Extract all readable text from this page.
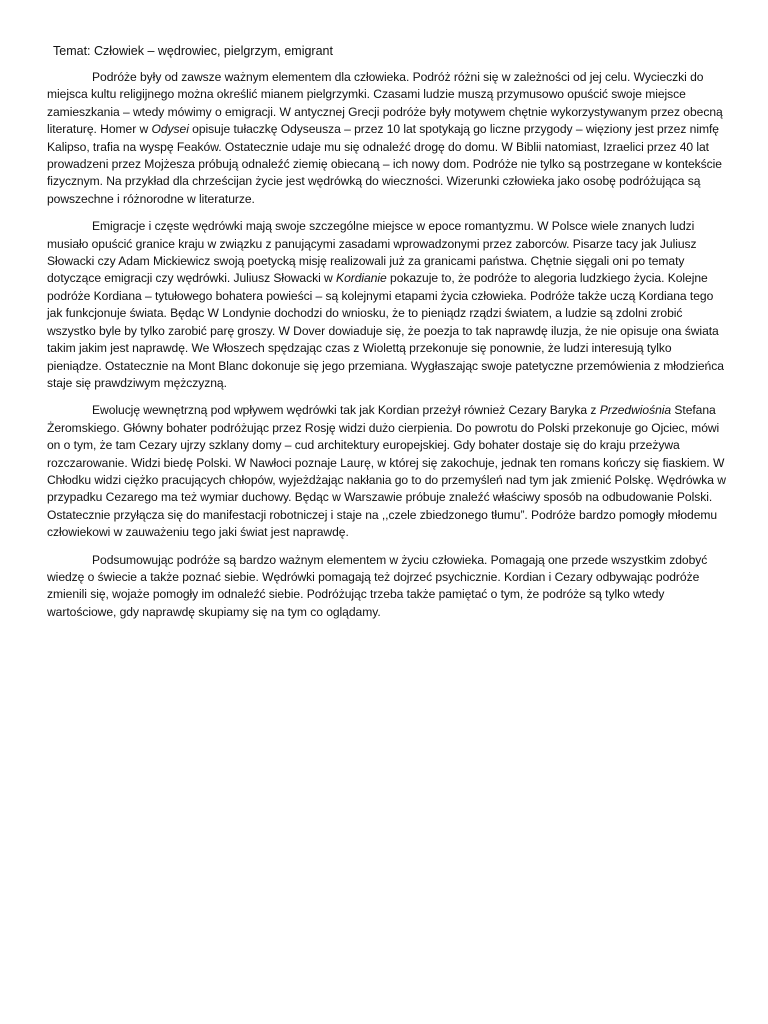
Temat: Człowiek – wędrowiec, pielgrzym, emigrant

Podróże były od zawsze ważnym elementem dla człowieka. Podróż różni się w zależności od jej celu. Wycieczki do miejsca kultu religijnego można określić mianem pielgrzymki. Czasami ludzie muszą przymusowo opuścić swoje miejsce zamieszkania – wtedy mówimy o emigracji. W antycznej Grecji podróże były motywem chętnie wykorzystywanym przez obecną literaturę. Homer w Odysei opisuje tułaczkę Odyseusza – przez 10 lat spotykają go liczne przygody – więziony jest przez nimfę Kalipso, trafia na wyspę Feaków. Ostatecznie udaje mu się odnaleźć drogę do domu. W Biblii natomiast, Izraelici przez 40 lat prowadzeni przez Mojżesza próbują odnaleźć ziemię obiecaną – ich nowy dom. Podróże nie tylko są postrzegane w kontekście fizycznym. Na przykład dla chrześcijan życie jest wędrówką do wieczności. Wizerunki człowieka jako osobę podróżująca są powszechne i różnorodne w literaturze.

Emigracje i częste wędrówki mają swoje szczególne miejsce w epoce romantyzmu. W Polsce wiele znanych ludzi musiało opuścić granice kraju w związku z panującymi zasadami wprowadzonymi przez zaborców. Pisarze tacy jak Juliusz Słowacki czy Adam Mickiewicz swoją poetycką misję realizowali już za granicami państwa. Chętnie sięgali oni po tematy dotyczące emigracji czy wędrówki. Juliusz Słowacki w Kordianie pokazuje to, że podróże to alegoria ludzkiego życia. Kolejne podróże Kordiana – tytułowego bohatera powieści – są kolejnymi etapami życia człowieka. Podróże także uczą Kordiana tego jak funkcjonuje świata. Będąc W Londynie dochodzi do wniosku, że to pieniądz rządzi światem, a ludzie są zdolni zrobić wszystko byle by tylko zarobić parę groszy. W Dover dowiaduje się, że poezja to tak naprawdę iluzja, że nie opisuje ona świata takim jakim jest naprawdę. We Włoszech spędzając czas z Wiolettą przekonuje się ponownie, że ludzi interesują tylko pieniądze. Ostatecznie na Mont Blanc dokonuje się jego przemiana. Wygłaszając swoje patetyczne przemówienia z młodzieńca staje się prawdziwym mężczyzną.

Ewolucję wewnętrzną pod wpływem wędrówki tak jak Kordian przeżył również Cezary Baryka z Przedwiośnia Stefana Żeromskiego. Główny bohater podróżując przez Rosję widzi dużo cierpienia. Do powrotu do Polski przekonuje go Ojciec, mówi on o tym, że tam Cezary ujrzy szklany domy – cud architektury europejskiej. Gdy bohater dostaje się do kraju przeżywa rozczarowanie. Widzi biedę Polski. W Nawłoci poznaje Laurę, w której się zakochuje, jednak ten romans kończy się fiaskiem. W Chłodku widzi ciężko pracujących chłopów, wyjeżdżając nakłania go to do przemyśleń nad tym jak zmienić Polskę. Wędrówka w przypadku Cezarego ma też wymiar duchowy. Będąc w Warszawie próbuje znaleźć właściwy sposób na odbudowanie Polski. Ostatecznie przyłącza się do manifestacji robotniczej i staje na ,,czele zbiedzonego tłumu”. Podróże bardzo pomogły młodemu człowiekowi w zauważeniu tego jaki świat jest naprawdę.

Podsumowując podróże są bardzo ważnym elementem w życiu człowieka. Pomagają one przede wszystkim zdobyć wiedzę o świecie a także poznać siebie. Wędrówki pomagają też dojrzeć psychicznie. Kordian i Cezary odbywając podróże zmienili się, wojaże pomogły im odnaleźć siebie. Podróżując trzeba także pamiętać o tym, że podróże są tylko wtedy wartościowe, gdy naprawdę skupiamy się na tym co oglądamy.
